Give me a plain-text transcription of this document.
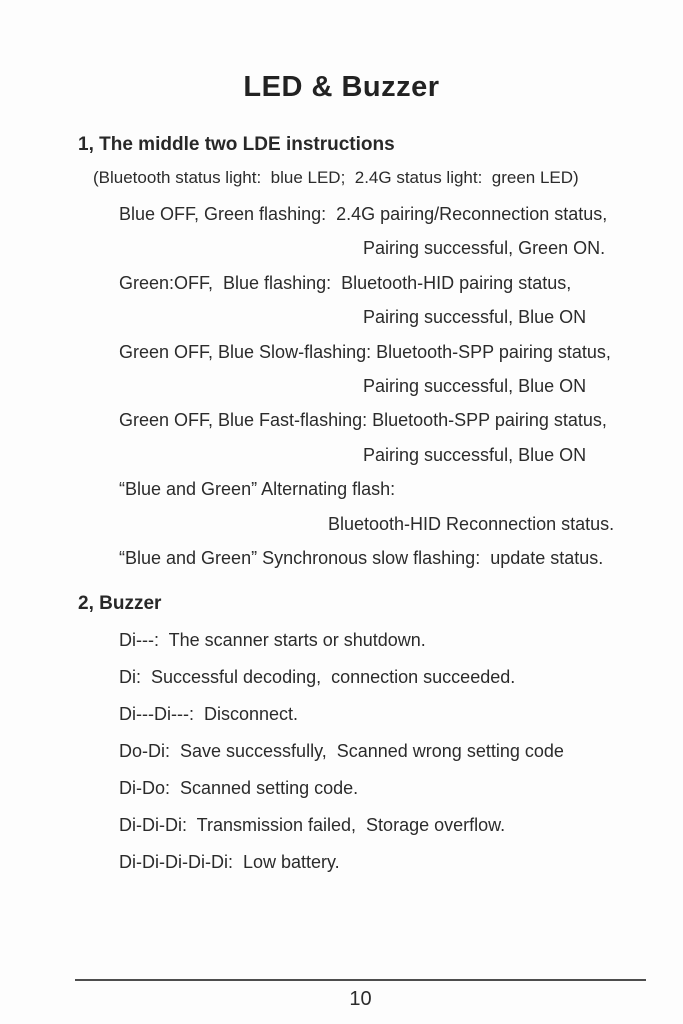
LED & Buzzer
1, The middle two LDE instructions
(Bluetooth status light:  blue LED;  2.4G status light:  green LED)
Blue OFF, Green flashing:  2.4G pairing/Reconnection status,
Pairing successful, Green ON.
Green:OFF,  Blue flashing:  Bluetooth-HID pairing status,
Pairing successful, Blue ON
Green OFF, Blue Slow-flashing: Bluetooth-SPP pairing status,
Pairing successful, Blue ON
Green OFF, Blue Fast-flashing: Bluetooth-SPP pairing status,
Pairing successful, Blue ON
“Blue and Green” Alternating flash:
Bluetooth-HID Reconnection status.
“Blue and Green” Synchronous slow flashing:  update status.
2, Buzzer
Di---:  The scanner starts or shutdown.
Di:  Successful decoding,  connection succeeded.
Di---Di---:  Disconnect.
Do-Di:  Save successfully,  Scanned wrong setting code
Di-Do:  Scanned setting code.
Di-Di-Di:  Transmission failed,  Storage overflow.
Di-Di-Di-Di-Di:  Low battery.
10
